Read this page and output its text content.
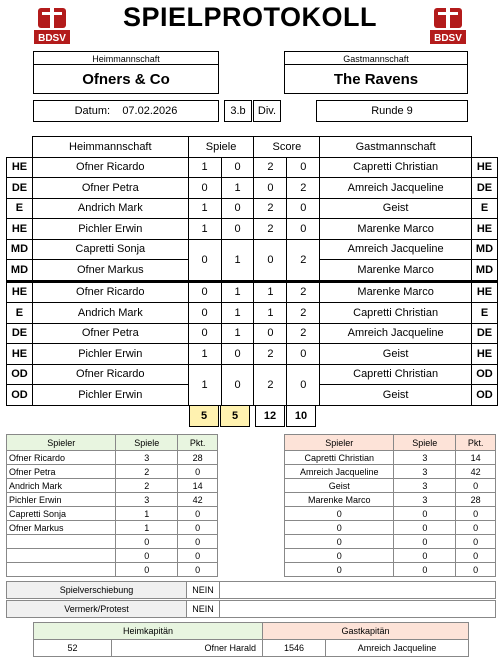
BDSV	BDSV
SPIELPROTOKOLL
Heimmannschaft
Ofners & Co
Gastmannschaft
The Ravens
Datum: 07.02.2026	3.b	Div.	Runde 9
	Heimmannschaft	Spiele		Score		Gastmannschaft	
HE	Ofner Ricardo	1	0	2	0	Capretti Christian	HE
DE	Ofner Petra	0	1	0	2	Amreich Jacqueline	DE
E	Andrich Mark	1	0	2	0	Geist	E
HE	Pichler Erwin	1	0	2	0	Marenke Marco	HE
MD	Capretti Sonja	0	1	0	2	Amreich Jacqueline	MD
MD	Ofner Markus					Marenke Marco	MD
HE	Ofner Ricardo	0	1	1	2	Marenke Marco	HE
E	Andrich Mark	0	1	1	2	Capretti Christian	E
DE	Ofner Petra	0	1	0	2	Amreich Jacqueline	DE
HE	Pichler Erwin	1	0	2	0	Geist	HE
OD	Ofner Ricardo	1	0	2	0	Capretti Christian	OD
OD	Pichler Erwin					Geist	OD
5	5	12	10
Spieler	Spiele	Pkt.
Ofner Ricardo	3	28
Ofner Petra	2	0
Andrich Mark	2	14
Pichler Erwin	3	42
Capretti Sonja	1	0
Ofner Markus	1	0
	0	0
	0	0
	0	0
Spieler	Spiele	Pkt.
Capretti Christian	3	14
Amreich Jacqueline	3	42
Geist	3	0
Marenke Marco	3	28
0	0	0
0	0	0
0	0	0
0	0	0
0	0	0
Spielverschiebung	NEIN	
Vermerk/Protest	NEIN	
Heimkapitän		Gastkapitän	
52	Ofner Harald	1546	Amreich Jacqueline
